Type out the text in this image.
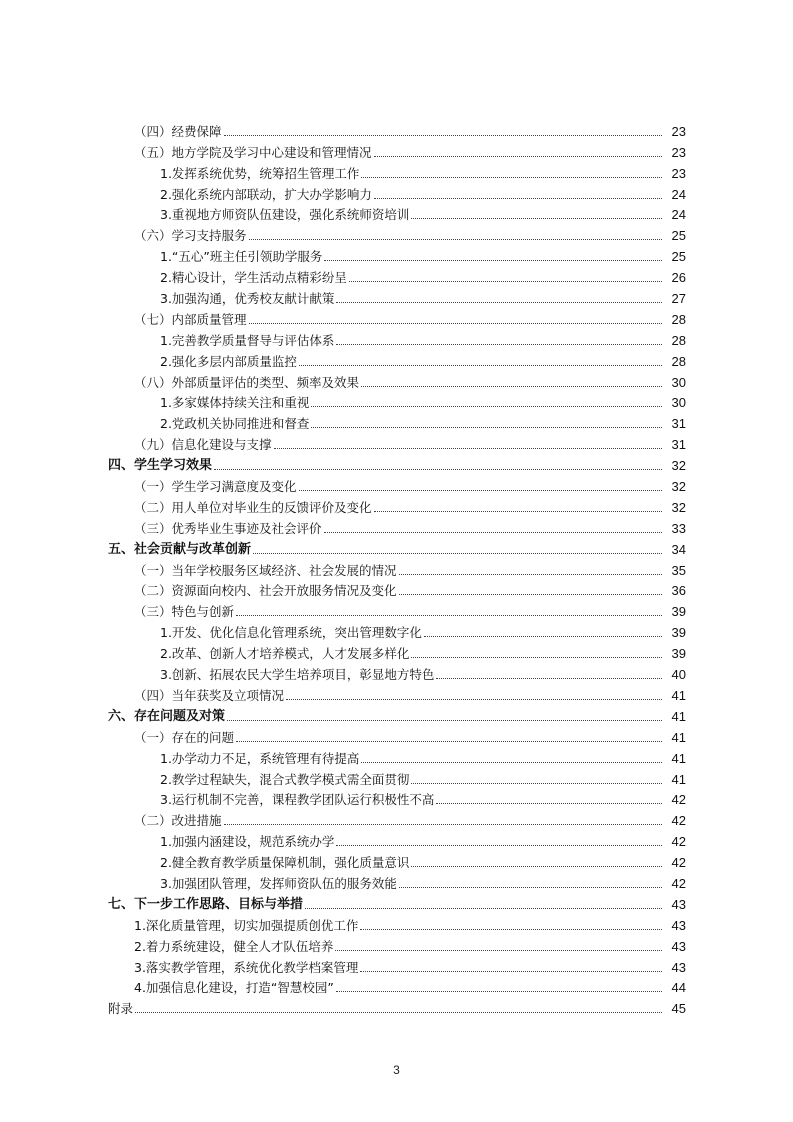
（四）经费保障	23
（五）地方学院及学习中心建设和管理情况	23
1.发挥系统优势，统筹招生管理工作	23
2.强化系统内部联动，扩大办学影响力	24
3.重视地方师资队伍建设，强化系统师资培训	24
（六）学习支持服务	25
1.“五心”班主任引领助学服务	25
2.精心设计，学生活动点精彩纷呈	26
3.加强沟通，优秀校友献计献策	27
（七）内部质量管理	28
1.完善教学质量督导与评估体系	28
2.强化多层内部质量监控	28
（八）外部质量评估的类型、频率及效果	30
1.多家媒体持续关注和重视	30
2.党政机关协同推进和督查	31
（九）信息化建设与支撑	31
四、学生学习效果	32
（一）学生学习满意度及变化	32
（二）用人单位对毕业生的反馈评价及变化	32
（三）优秀毕业生事迹及社会评价	33
五、社会贡献与改革创新	34
（一）当年学校服务区域经济、社会发展的情况	35
（二）资源面向校内、社会开放服务情况及变化	36
（三）特色与创新	39
1.开发、优化信息化管理系统，突出管理数字化	39
2.改革、创新人才培养模式，人才发展多样化	39
3.创新、拓展农民大学生培养项目，彰显地方特色	40
（四）当年获奖及立项情况	41
六、存在问题及对策	41
（一）存在的问题	41
1.办学动力不足，系统管理有待提高	41
2.教学过程缺失，混合式教学模式需全面贯彻	41
3.运行机制不完善，课程教学团队运行积极性不高	42
（二）改进措施	42
1.加强内涵建设，规范系统办学	42
2.健全教育教学质量保障机制，强化质量意识	42
3.加强团队管理，发挥师资队伍的服务效能	42
七、下一步工作思路、目标与举措	43
1.深化质量管理，切实加强提质创优工作	43
2.着力系统建设，健全人才队伍培养	43
3.落实教学管理，系统优化教学档案管理	43
4.加强信息化建设，打造“智慧校园”	44
附录	45
3
